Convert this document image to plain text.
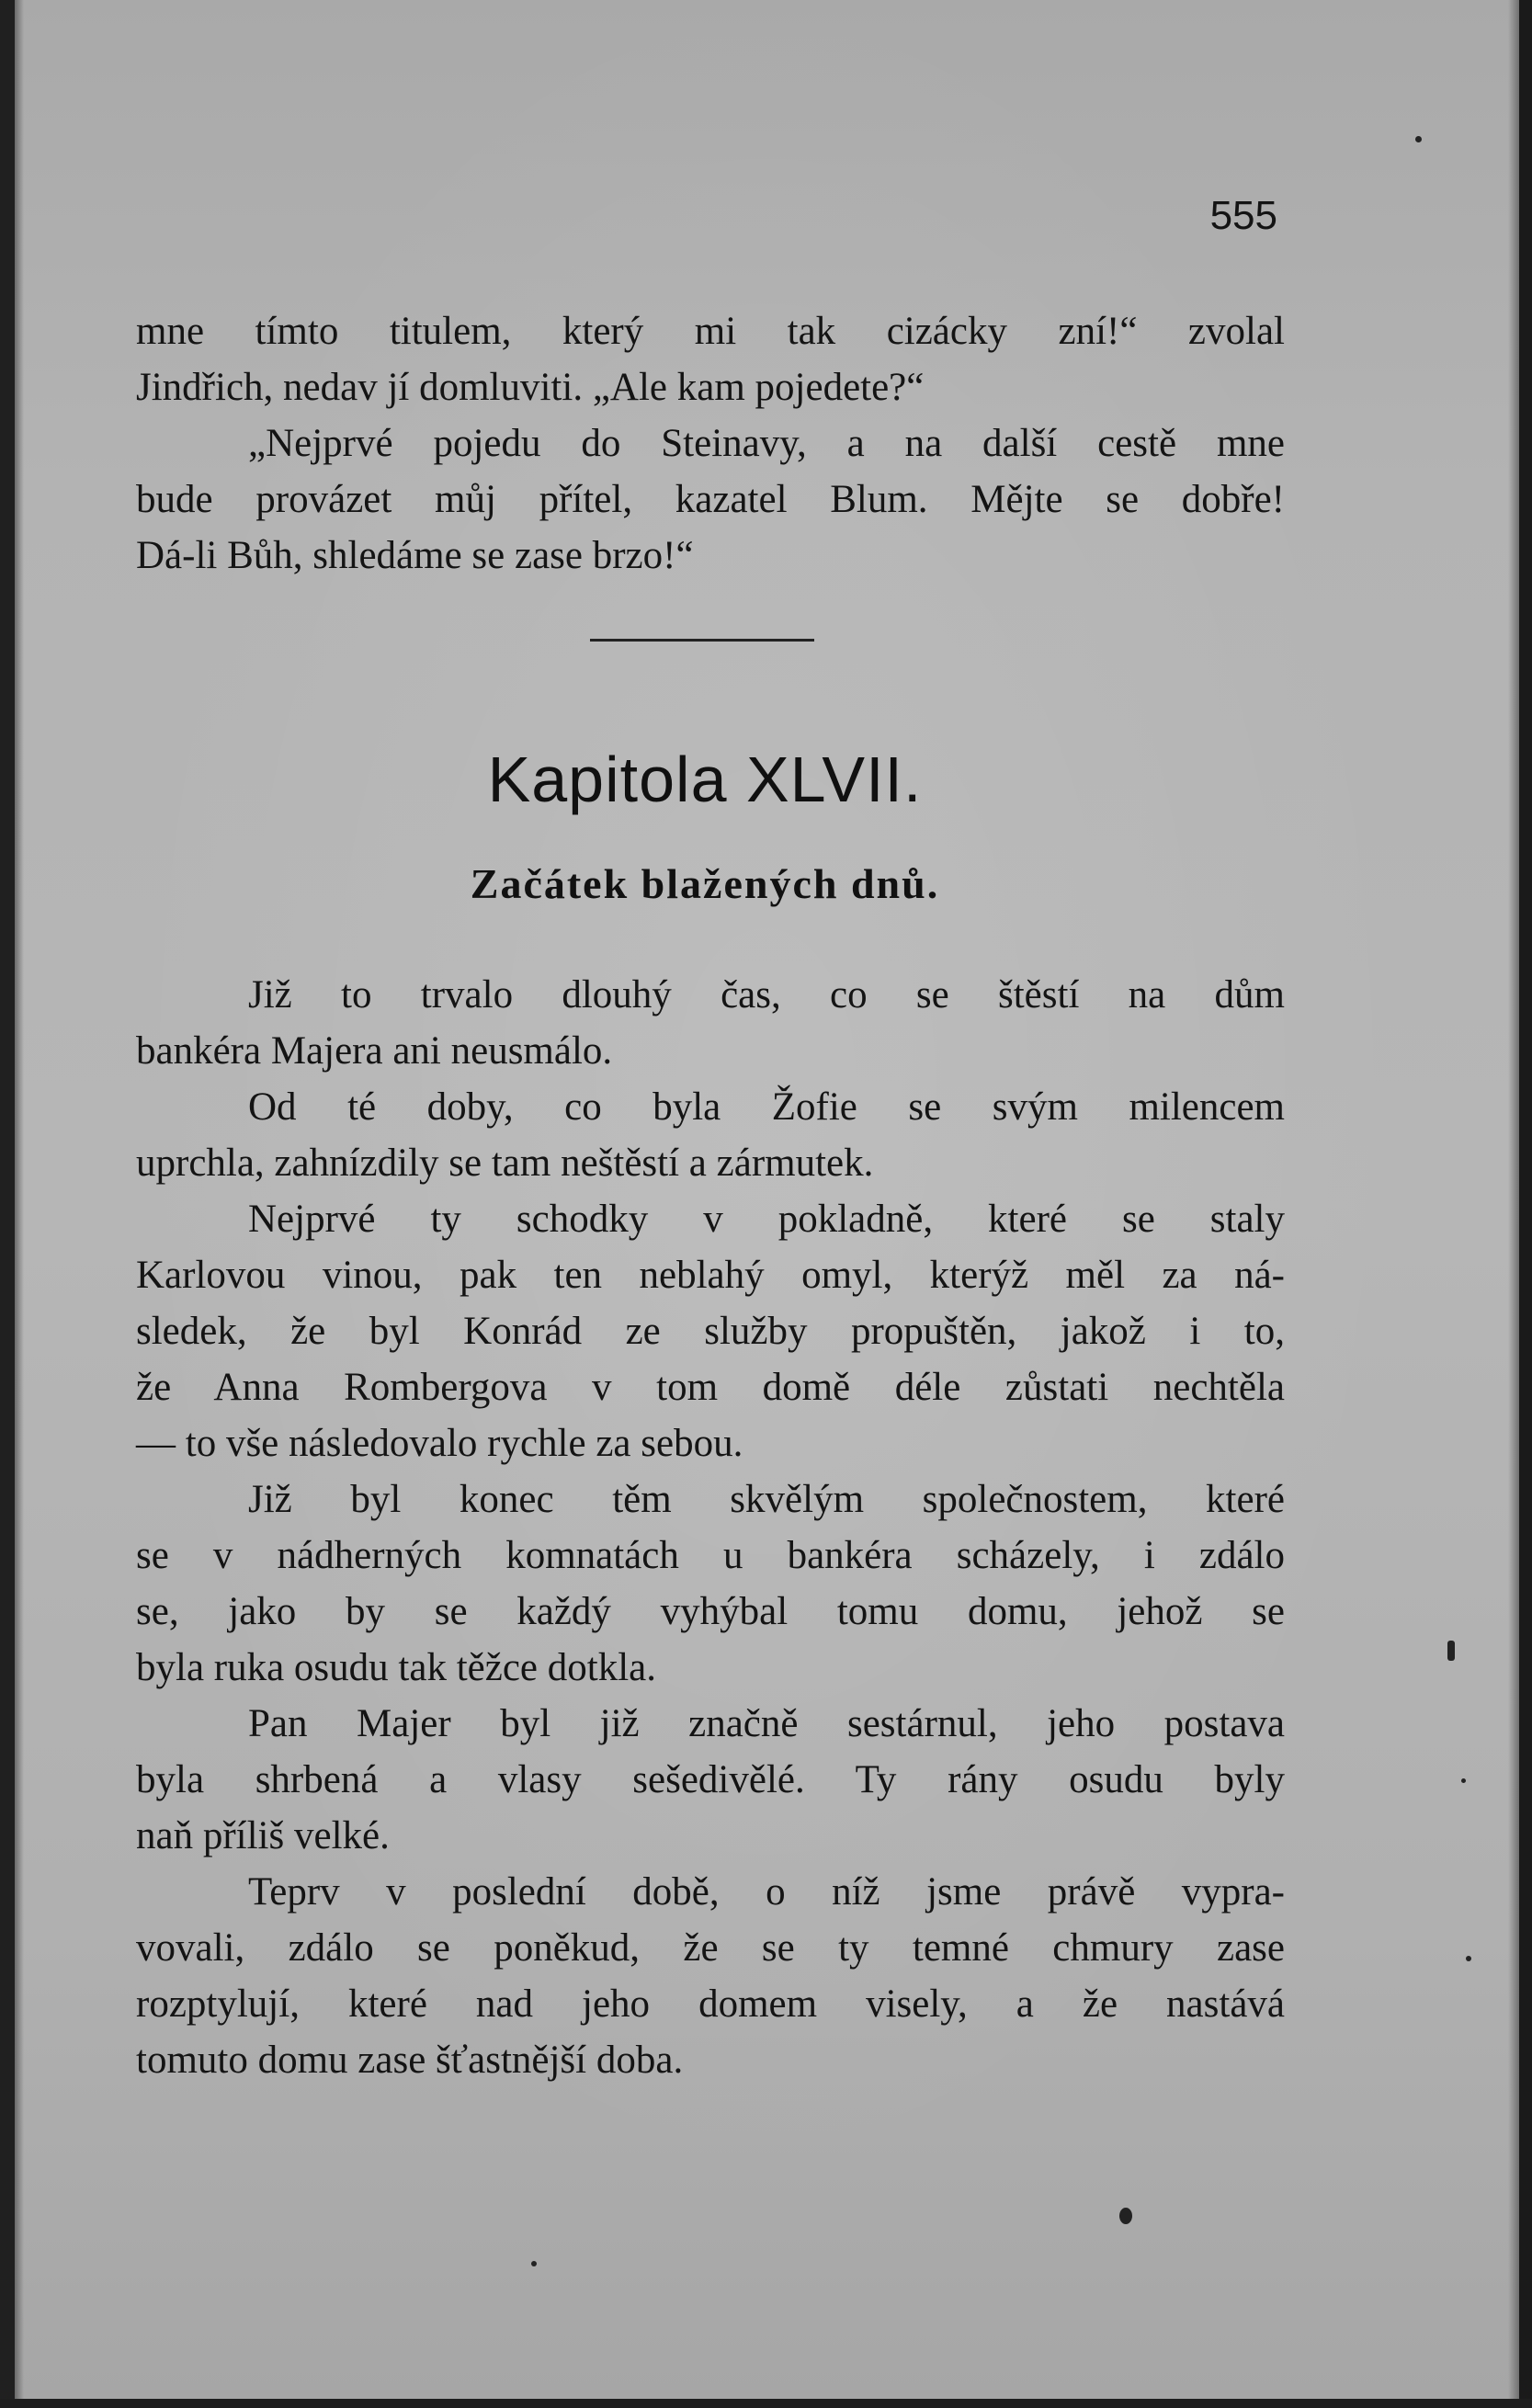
555
mne tímto titulem, který mi tak cizácky zní!“ zvolal
Jindřich, nedav jí domluviti. „Ale kam pojedete?“
„Nejprvé pojedu do Steinavy, a na další cestě mne
bude provázet můj přítel, kazatel Blum. Mějte se dobře!
Dá-li Bůh, shledáme se zase brzo!“
Kapitola XLVII.
Začátek blažených dnů.
Již to trvalo dlouhý čas, co se štěstí na dům
bankéra Majera ani neusmálo.
Od té doby, co byla Žofie se svým milencem
uprchla, zahnízdily se tam neštěstí a zármutek.
Nejprvé ty schodky v pokladně, které se staly
Karlovou vinou, pak ten neblahý omyl, kterýž měl za ná-
sledek, že byl Konrád ze služby propuštěn, jakož i to,
že Anna Rombergova v tom domě déle zůstati nechtěla
— to vše následovalo rychle za sebou.
Již byl konec těm skvělým společnostem, které
se v nádherných komnatách u bankéra scházely, i zdálo
se, jako by se každý vyhýbal tomu domu, jehož se
byla ruka osudu tak těžce dotkla.
Pan Majer byl již značně sestárnul, jeho postava
byla shrbená a vlasy sešedivělé. Ty rány osudu byly
naň příliš velké.
Teprv v poslední době, o níž jsme právě vypra-
vovali, zdálo se poněkud, že se ty temné chmury zase
rozptylují, které nad jeho domem visely, a že nastává
tomuto domu zase šťastnější doba.
